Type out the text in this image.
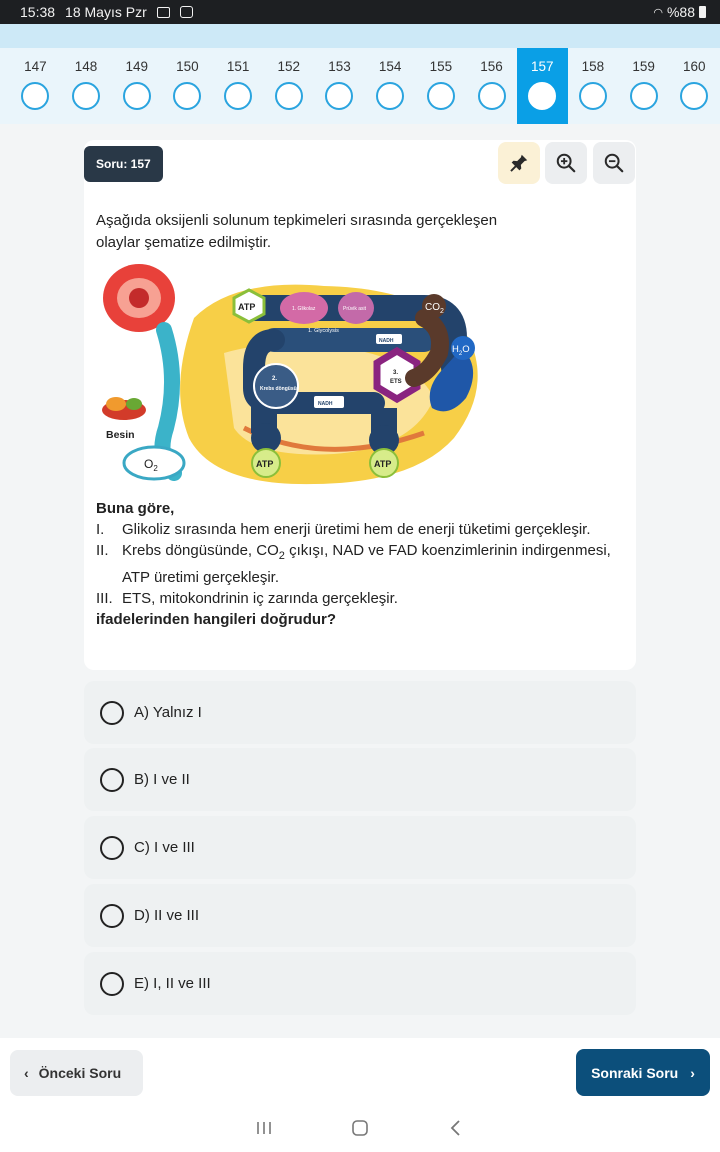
15:38 18 Mayıs Pzr	◠ %88
147 148 149 150 151 152 153 154 155 156 157 158 159 160
Soru: 157
Aşağıda oksijenli solunum tepkimeleri sırasında gerçekleşen
olaylar şematize edilmiştir.
Besin
$O_2$
1. Glikolaz	Prüvik asit
1. Glycolysis
NADH
NADH
ATP
ATP	ATP
2.
Krebs döngüsü
3.
ETS
$CO_2$
$H_2O$
Buna göre,
I.	Glikoliz sırasında hem enerji üretimi hem de enerji tüketimi gerçekleşir.
II. Krebs döngüsünde, $CO_2$ çıkışı, NAD ve FAD koenzimlerinin indirgenmesi, ATP üretimi gerçekleşir.
III. ETS, mitokondrinin iç zarında gerçekleşir.
ifadelerinden hangileri doğrudur?
A) Yalnız I
B) I ve II
C) I ve III
D) II ve III
E) I, II ve III
‹ Önceki Soru	Sonraki Soru ›
